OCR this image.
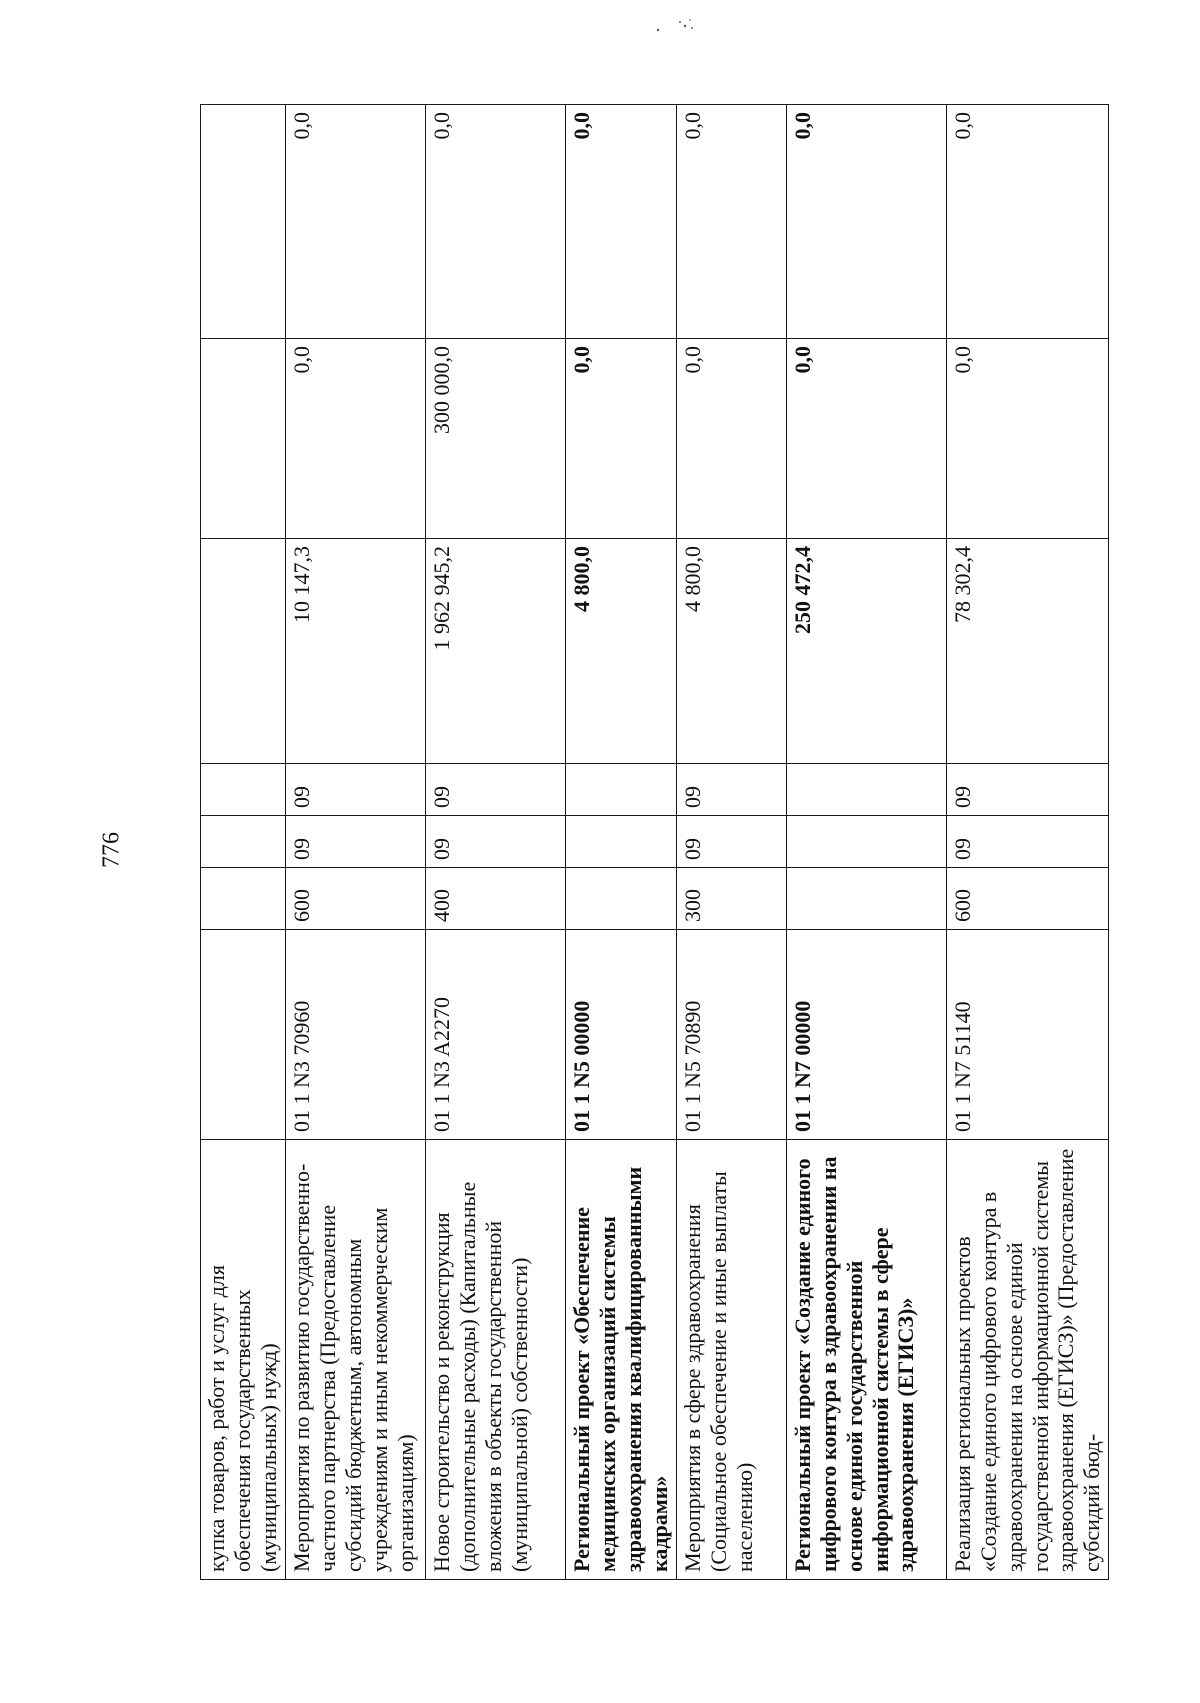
776
купка товаров, работ и услуг для обеспечения государственных (муниципальных) нужд)							
Мероприятия по развитию государственно-частного партнерства (Предоставление субсидий бюджетным, автономным учреждениям и иным некоммерческим организациям)	01 1 N3 70960	600	09	09	10 147,3	0,0	0,0
Новое строительство и реконструкция (дополнительные расходы) (Капитальные вложения в объекты государственной (муниципальной) собственности)	01 1 N3 A2270	400	09	09	1 962 945,2	300 000,0	0,0
Региональный проект «Обеспечение медицинских организаций системы здравоохранения квалифицированными кадрами»	01 1 N5 00000				4 800,0	0,0	0,0
Мероприятия в сфере здравоохранения (Социальное обеспечение и иные выплаты населению)	01 1 N5 70890	300	09	09	4 800,0	0,0	0,0
Региональный проект «Создание единого цифрового контура в здравоохранении на основе единой государственной информационной системы в сфере здравоохранения (ЕГИСЗ)»	01 1 N7 00000				250 472,4	0,0	0,0
Реализация региональных проектов «Создание единого цифрового контура в здравоохранении на основе единой государственной информационной системы здравоохранения (ЕГИСЗ)» (Предоставление субсидий бюд-	01 1 N7 51140	600	09	09	78 302,4	0,0	0,0
